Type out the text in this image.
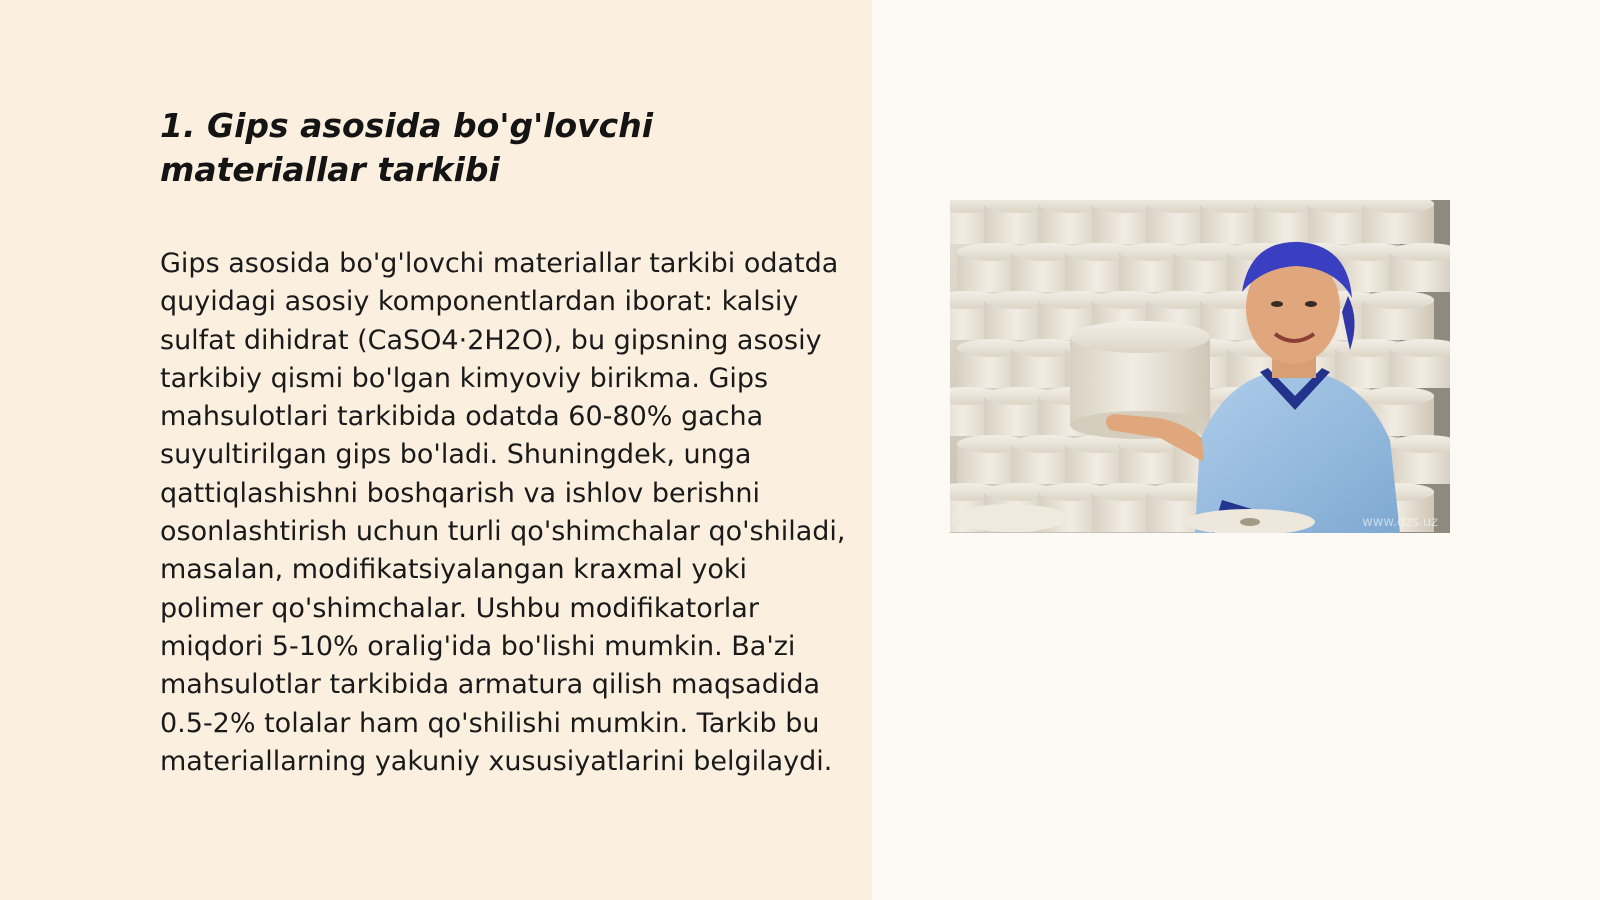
1. Gips asosida bo'g'lovchi materiallar tarkibi

Gips asosida bo'g'lovchi materiallar tarkibi odatda quyidagi asosiy komponentlardan iborat: kalsiy sulfat dihidrat (CaSO4·2H2O), bu gipsning asosiy tarkibiy qismi bo'lgan kimyoviy birikma. Gips mahsulotlari tarkibida odatda 60-80% gacha suyultirilgan gips bo'ladi. Shuningdek, unga qattiqlashishni boshqarish va ishlov berishni osonlashtirish uchun turli qo'shimchalar qo'shiladi, masalan, modifikatsiyalangan kraxmal yoki polimer qo'shimchalar. Ushbu modifikatorlar miqdori 5-10% oralig'ida bo'lishi mumkin. Ba'zi mahsulotlar tarkibida armatura qilish maqsadida 0.5-2% tolalar ham qo'shilishi mumkin. Tarkib bu materiallarning yakuniy xususiyatlarini belgilaydi.

www.dzs.uz
